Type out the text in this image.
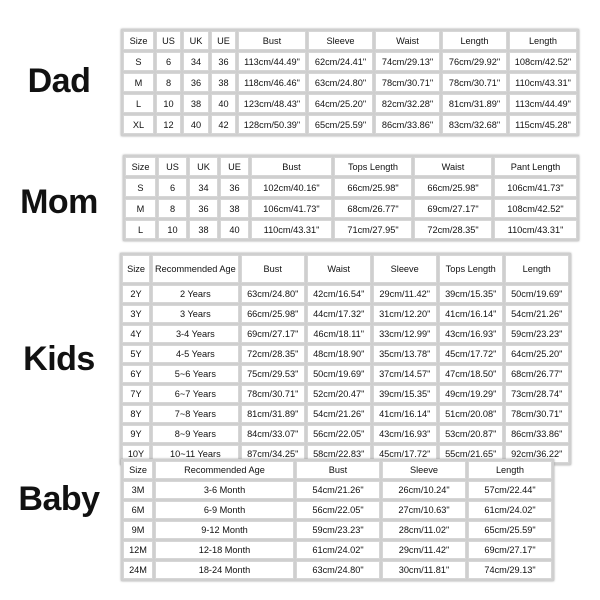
Dad
Mom
Kids
Baby
Size	US	UK	UE	Bust	Sleeve	Waist	Length	Length
S	6	34	36	113cm/44.49"	62cm/24.41"	74cm/29.13"	76cm/29.92"	108cm/42.52"
M	8	36	38	118cm/46.46"	63cm/24.80"	78cm/30.71"	78cm/30.71"	110cm/43.31"
L	10	38	40	123cm/48.43"	64cm/25.20"	82cm/32.28"	81cm/31.89"	113cm/44.49"
XL	12	40	42	128cm/50.39"	65cm/25.59"	86cm/33.86"	83cm/32.68"	115cm/45.28"
Size	US	UK	UE	Bust	Tops Length	Waist	Pant Length
S	6	34	36	102cm/40.16"	66cm/25.98"	66cm/25.98"	106cm/41.73"
M	8	36	38	106cm/41.73"	68cm/26.77"	69cm/27.17"	108cm/42.52"
L	10	38	40	110cm/43.31"	71cm/27.95"	72cm/28.35"	110cm/43.31"
Size	Recommended Age	Bust	Waist	Sleeve	Tops Length	Length
2Y	2 Years	63cm/24.80"	42cm/16.54"	29cm/11.42"	39cm/15.35"	50cm/19.69"
3Y	3 Years	66cm/25.98"	44cm/17.32"	31cm/12.20"	41cm/16.14"	54cm/21.26"
4Y	3-4 Years	69cm/27.17"	46cm/18.11"	33cm/12.99"	43cm/16.93"	59cm/23.23"
5Y	4-5 Years	72cm/28.35"	48cm/18.90"	35cm/13.78"	45cm/17.72"	64cm/25.20"
6Y	5~6 Years	75cm/29.53"	50cm/19.69"	37cm/14.57"	47cm/18.50"	68cm/26.77"
7Y	6~7 Years	78cm/30.71"	52cm/20.47"	39cm/15.35"	49cm/19.29"	73cm/28.74"
8Y	7~8 Years	81cm/31.89"	54cm/21.26"	41cm/16.14"	51cm/20.08"	78cm/30.71"
9Y	8~9 Years	84cm/33.07"	56cm/22.05"	43cm/16.93"	53cm/20.87"	86cm/33.86"
10Y	10~11 Years	87cm/34.25"	58cm/22.83"	45cm/17.72"	55cm/21.65"	92cm/36.22"
Size	Recommended Age	Bust	Sleeve	Length
3M	3-6 Month	54cm/21.26"	26cm/10.24"	57cm/22.44"
6M	6-9 Month	56cm/22.05"	27cm/10.63"	61cm/24.02"
9M	9-12 Month	59cm/23.23"	28cm/11.02"	65cm/25.59"
12M	12-18 Month	61cm/24.02"	29cm/11.42"	69cm/27.17"
24M	18-24 Month	63cm/24.80"	30cm/11.81"	74cm/29.13"
